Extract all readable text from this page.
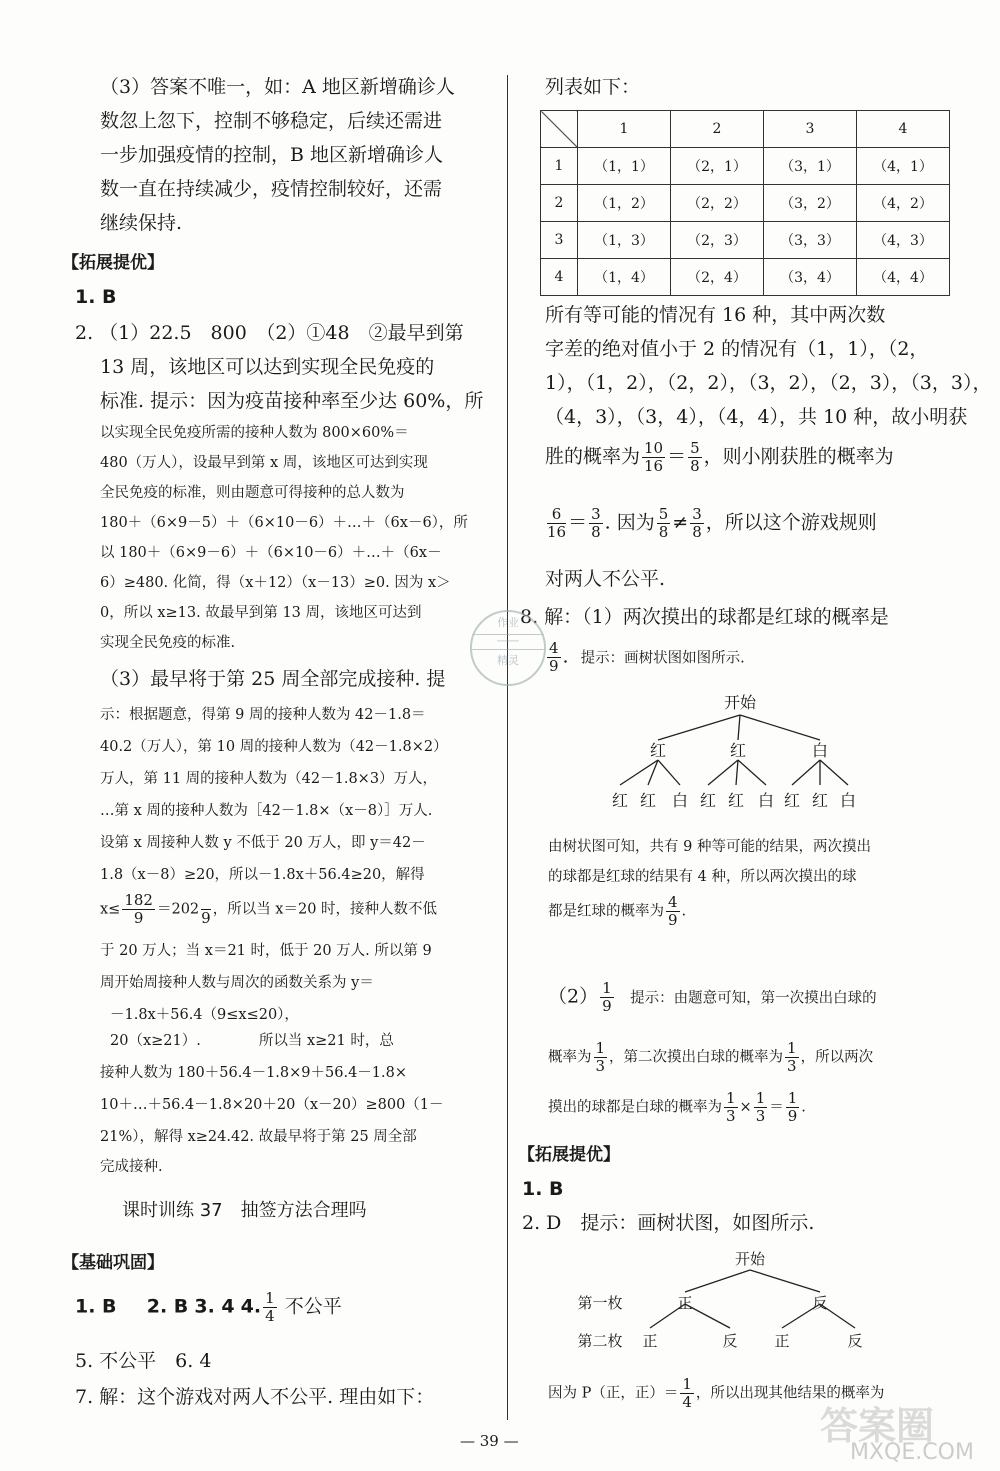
（3）答案不唯一，如：A 地区新增确诊人
数忽上忽下，控制不够稳定，后续还需进
一步加强疫情的控制，B 地区新增确诊人
数一直在持续减少，疫情控制较好，还需
继续保持.
【拓展提优】
1. B
2. （1）22.5　800　（2）①48　②最早到第
13 周，该地区可以达到实现全民免疫的
标准. 提示：因为疫苗接种率至少达 60%，所
以实现全民免疫所需的接种人数为 800×60%＝
480（万人），设最早到第 x 周，该地区可达到实现
全民免疫的标准，则由题意可得接种的总人数为
180＋（6×9－5）＋（6×10－6）＋…＋（6x－6），所
以 180＋（6×9－6）＋（6×10－6）＋…＋（6x－
6）≥480. 化简，得（x＋12）（x－13）≥0. 因为 x＞
0，所以 x≥13. 故最早到第 13 周，该地区可达到
实现全民免疫的标准.
（3）最早将于第 25 周全部完成接种. 提
示：根据题意，得第 9 周的接种人数为 42－1.8＝
40.2（万人），第 10 周的接种人数为（42－1.8×2）
万人，第 11 周的接种人数为（42－1.8×3）万人，
…第 x 周的接种人数为［42－1.8×（x－8）］万人.
设第 x 周接种人数 y 不低于 20 万人，即 y＝42－
1.8（x－8）≥20，所以－1.8x＋56.4≥20，解得
$x\le \frac{182}{9} =202$ 9 ，所以当 x＝20 时，接种人数不低
于 20 万人；当 x＝21 时，低于 20 万人. 所以第 9
周开始周接种人数与周次的函数关系为 y＝
－1.8x＋56.4（9≤x≤20），
20（x≥21）.　　　　所以当 x≥21 时，总
接种人数为 180＋56.4－1.8×9＋56.4－1.8×
10＋…＋56.4－1.8×20＋20（x－20）≥800（1－
21%），解得 x≥24.42. 故最早将于第 25 周全部
完成接种.
课时训练 37　抽签方法合理吗
【基础巩固】
1. B 2. B 3. 4 4. $\frac{1}{4}$ 不公平
5. 不公平　6. 4
7. 解：这个游戏对两人不公平. 理由如下：
列表如下：
	1	2	3	4
1	（1，1）	（2，1）	（3，1）	（4，1）
2	（1，2）	（2，2）	（3，2）	（4，2）
3	（1，3）	（2，3）	（3，3）	（4，3）
4	（1，4）	（2，4）	（3，4）	（4，4）
所有等可能的情况有 16 种，其中两次数
字差的绝对值小于 2 的情况有（1，1），（2，
1），（1，2），（2，2），（3，2），（2，3），（3，3），
（4，3），（3，4），（4，4），共 10 种，故小明获
胜的概率为 $\frac{10}{16} = \frac{5}{8}$ ，则小刚获胜的概率为
$\frac{6}{16} = \frac{3}{8}$ . 因为 $\frac{5}{8} \ne \frac{3}{8}$ ，所以这个游戏规则
对两人不公平.
8. 解：（1）两次摸出的球都是红球的概率是
$\frac{4}{9}$ .  提示：画树状图如图所示.
开始
红	红	白
红 红 白 红 红 白 红 红 白
由树状图可知，共有 9 种等可能的结果，两次摸出
的球都是红球的结果有 4 种，所以两次摸出的球
都是红球的概率为 $\frac{4}{9}$ .
$(2) \frac{1}{9}$ 　提示：由题意可知，第一次摸出白球的
概率为 $\frac{1}{3}$ ，第二次摸出白球的概率为 $\frac{1}{3}$ ，所以两次
摸出的球都是白球的概率为 $\frac{1}{3} \times \frac{1}{3} = \frac{1}{9}$ .
【拓展提优】
1. B
2. D　提示：画树状图，如图所示.
开始
第一枚	正	反
第二枚 正	反 正	反
因为 P（正，正）＝ $\frac{1}{4}$ ，所以出现其他结果的概率为
作业
────
精灵
— 39 —	答案圈
MXQE.COM
